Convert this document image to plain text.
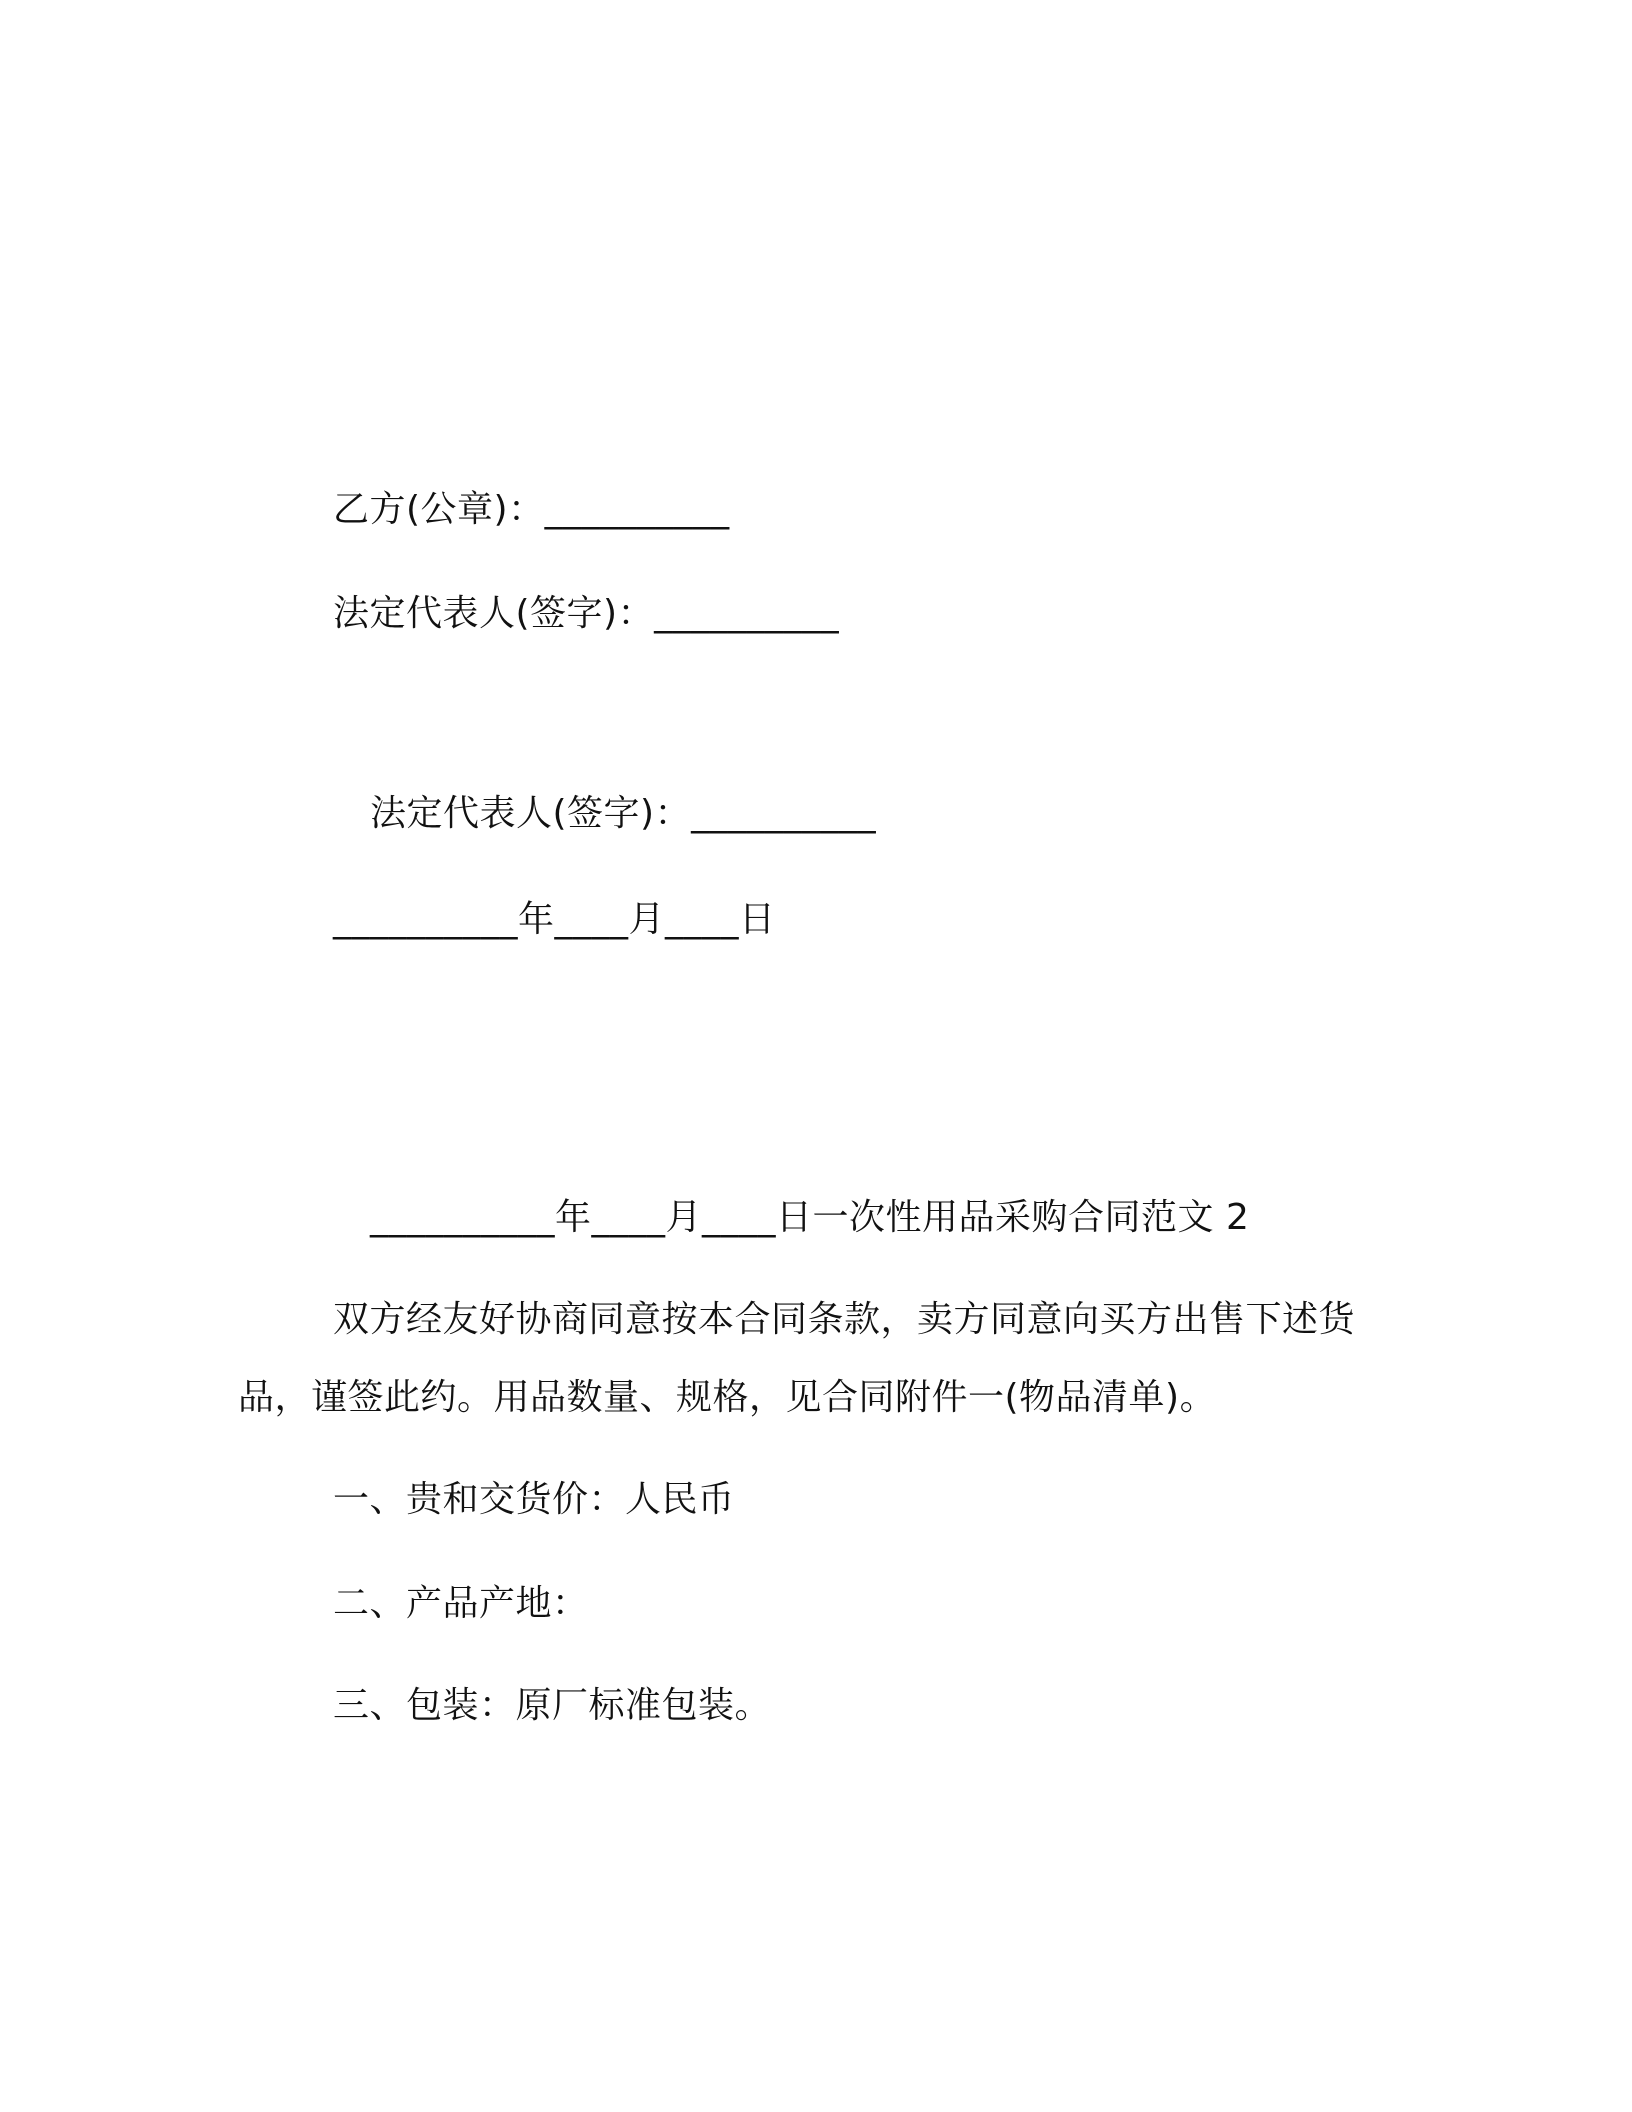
乙方(公章)：__________
法定代表人(签字)：__________
法定代表人(签字)：__________
__________年____月____日
__________年____月____日一次性用品采购合同范文 2
双方经友好协商同意按本合同条款，卖方同意向买方出售下述货
品，谨签此约。用品数量、规格，见合同附件一(物品清单)。
一、贵和交货价：人民币
二、产品产地：
三、包装：原厂标准包装。
